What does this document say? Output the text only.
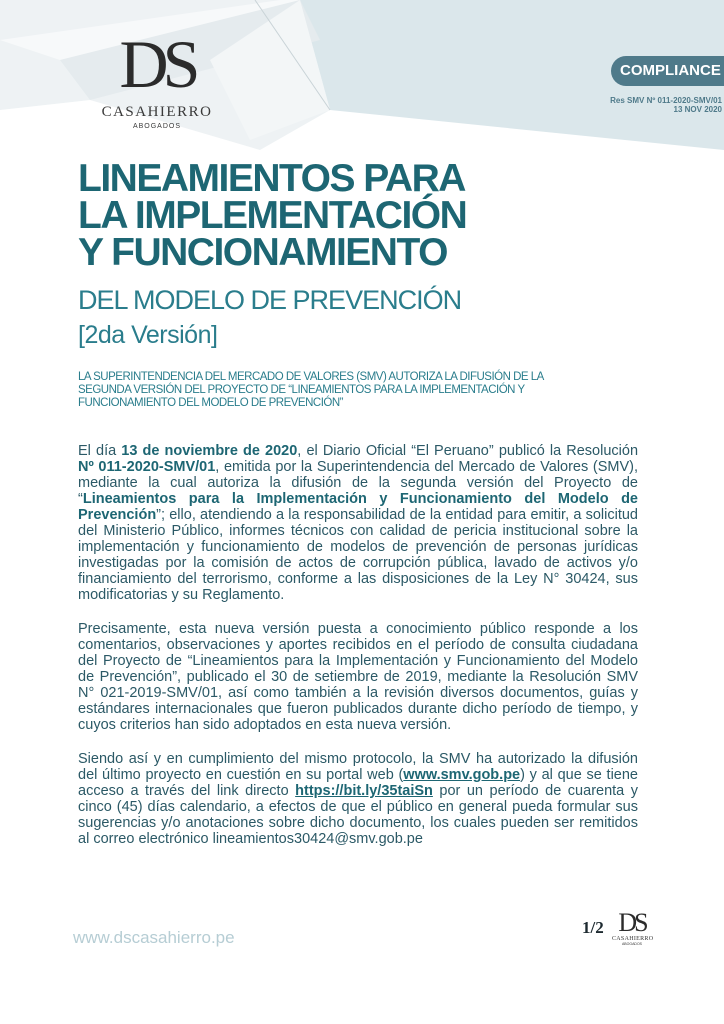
DS
CASAHIERRO
ABOGADOS
COMPLIANCE
Res SMV Nº 011-2020-SMV/01
13 NOV 2020
LINEAMIENTOS PARA
LA IMPLEMENTACIÓN
Y FUNCIONAMIENTO
DEL MODELO DE PREVENCIÓN
[2da Versión]
LA SUPERINTENDENCIA DEL MERCADO DE VALORES (SMV) AUTORIZA LA DIFUSIÓN DE LA SEGUNDA VERSIÓN DEL PROYECTO DE “LINEAMIENTOS PARA LA IMPLEMENTACIÓN Y FUNCIONAMIENTO DEL MODELO DE PREVENCIÓN”

El día 13 de noviembre de 2020, el Diario Oficial “El Peruano” publicó la Resolución Nº 011-2020-SMV/01, emitida por la Superintendencia del Mercado de Valores (SMV), mediante la cual autoriza la difusión de la segunda versión del Proyecto de “Lineamientos para la Implementación y Funcionamiento del Modelo de Prevención”; ello, atendiendo a la responsabilidad de la entidad para emitir, a solicitud del Ministerio Público, informes técnicos con calidad de pericia institucional sobre la implementación y funcionamiento de modelos de prevención de personas jurídicas investigadas por la comisión de actos de corrupción pública, lavado de activos y/o financiamiento del terrorismo, conforme a las disposiciones de la Ley N° 30424, sus modificatorias y su Reglamento.

Precisamente, esta nueva versión puesta a conocimiento público responde a los comentarios, observaciones y aportes recibidos en el período de consulta ciudadana del Proyecto de “Lineamientos para la Implementación y Funcionamiento del Modelo de Prevención”, publicado el 30 de setiembre de 2019, mediante la Resolución SMV N° 021-2019-SMV/01, así como también a la revisión diversos documentos, guías y estándares internacionales que fueron publicados durante dicho período de tiempo, y cuyos criterios han sido adoptados en esta nueva versión.

Siendo así y en cumplimiento del mismo protocolo, la SMV ha autorizado la difusión del último proyecto en cuestión en su portal web (www.smv.gob.pe) y al que se tiene acceso a través del link directo https://bit.ly/35taiSn por un período de cuarenta y cinco (45) días calendario, a efectos de que el público en general pueda formular sus sugerencias y/o anotaciones sobre dicho documento, los cuales pueden ser remitidos al correo electrónico lineamientos30424@smv.gob.pe

www.dscasahierro.pe
1/2 DS
CASAHIERRO
ABOGADOS
